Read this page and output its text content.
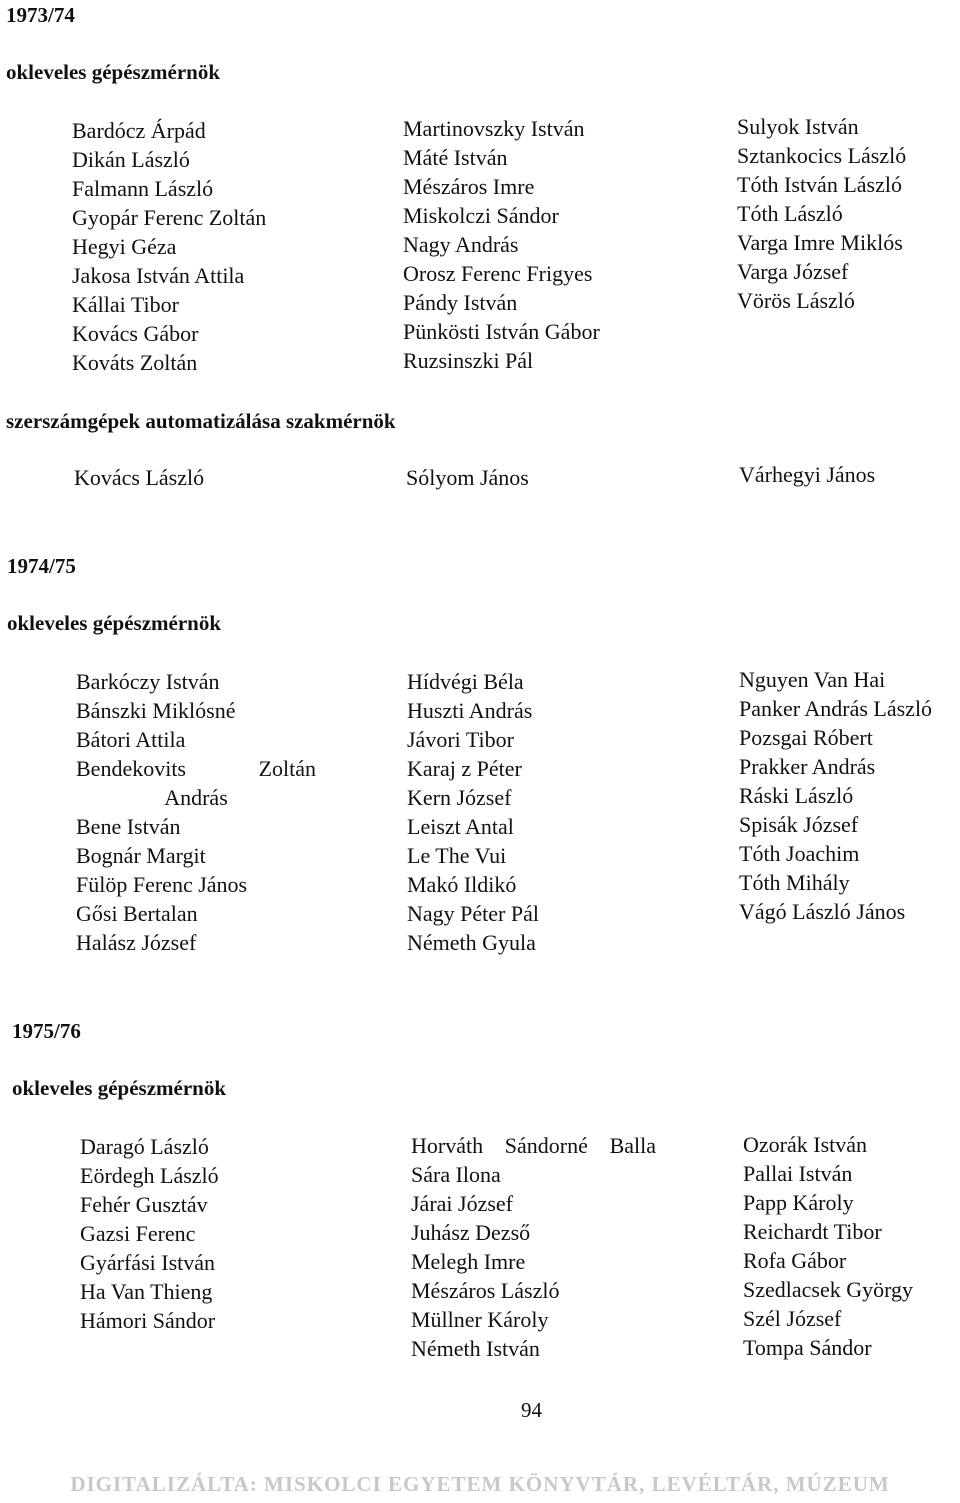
1973/74
okleveles gépészmérnök
Bardócz Árpád
Dikán László
Falmann László
Gyopár Ferenc Zoltán
Hegyi Géza
Jakosa István Attila
Kállai Tibor
Kovács Gábor
Kováts Zoltán
Martinovszky István
Máté István
Mészáros Imre
Miskolczi Sándor
Nagy András
Orosz Ferenc Frigyes
Pándy István
Pünkösti István Gábor
Ruzsinszki Pál
Sulyok István
Sztankocics László
Tóth István László
Tóth László
Varga Imre Miklós
Varga József
Vörös László
szerszámgépek automatizálása szakmérnök
Kovács László	Sólyom János	Várhegyi János
1974/75
okleveles gépészmérnök
Barkóczy István
Bánszki Miklósné
Bátori Attila
Bendekovits Zoltán András
Bene István
Bognár Margit
Fülöp Ferenc János
Gősi Bertalan
Halász József
Hídvégi Béla
Huszti András
Jávori Tibor
Karaj z Péter
Kern József
Leiszt Antal
Le The Vui
Makó Ildikó
Nagy Péter Pál
Németh Gyula
Nguyen Van Hai
Panker András László
Pozsgai Róbert
Prakker András
Ráski László
Spisák József
Tóth Joachim
Tóth Mihály
Vágó László János
1975/76
okleveles gépészmérnök
Daragó László
Eördegh László
Fehér Gusztáv
Gazsi Ferenc
Gyárfási István
Ha Van Thieng
Hámori Sándor
Horváth Sándorné Balla Sára Ilona
Járai József
Juhász Dezső
Melegh Imre
Mészáros László
Müllner Károly
Németh István
Ozorák István
Pallai István
Papp Károly
Reichardt Tibor
Rofa Gábor
Szedlacsek György
Szél József
Tompa Sándor
94
DIGITALIZÁLTA: MISKOLCI EGYETEM KÖNYVTÁR, LEVÉLTÁR, MÚZEUM
